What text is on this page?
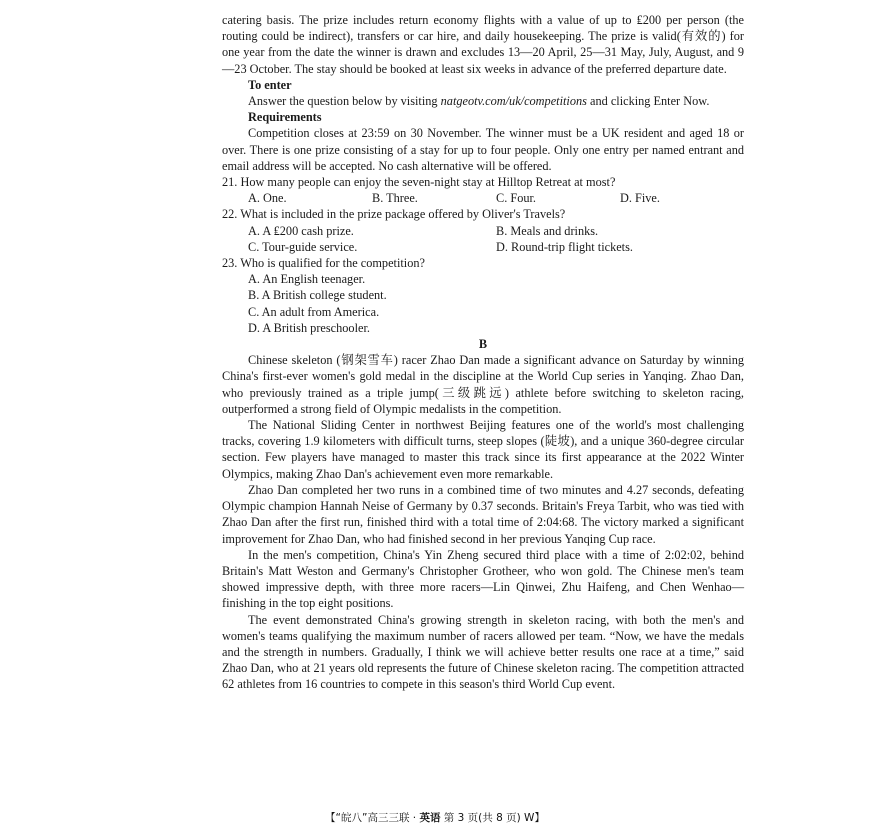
catering basis. The prize includes return economy flights with a value of up to ₤200 per person (the routing could be indirect), transfers or car hire, and daily housekeeping. The prize is valid(有效的) for one year from the date the winner is drawn and excludes 13—20 April, 25—31 May, July, August, and 9—23 October. The stay should be booked at least six weeks in advance of the preferred departure date.

To enter

Answer the question below by visiting natgeotv.com/uk/competitions and clicking Enter Now.

Requirements

Competition closes at 23:59 on 30 November. The winner must be a UK resident and aged 18 or over. There is one prize consisting of a stay for up to four people. Only one entry per named entrant and email address will be accepted. No cash alternative will be offered.

21. How many people can enjoy the seven-night stay at Hilltop Retreat at most?

A. One.	B. Three.	C. Four.	D. Five.

22. What is included in the prize package offered by Oliver's Travels?

A. A ₤200 cash prize.	B. Meals and drinks.
C. Tour-guide service.	D. Round-trip flight tickets.

23. Who is qualified for the competition?

A. An English teenager.

B. A British college student.

C. An adult from America.

D. A British preschooler.

B

Chinese skeleton (钢架雪车) racer Zhao Dan made a significant advance on Saturday by winning China's first-ever women's gold medal in the discipline at the World Cup series in Yanqing. Zhao Dan, who previously trained as a triple jump(三级跳远) athlete before switching to skeleton racing, outperformed a strong field of Olympic medalists in the competition.

The National Sliding Center in northwest Beijing features one of the world's most challenging tracks, covering 1.9 kilometers with difficult turns, steep slopes (陡坡), and a unique 360-degree circular section. Few players have managed to master this track since its first appearance at the 2022 Winter Olympics, making Zhao Dan's achievement even more remarkable.

Zhao Dan completed her two runs in a combined time of two minutes and 4.27 seconds, defeating Olympic champion Hannah Neise of Germany by 0.37 seconds. Britain's Freya Tarbit, who was tied with Zhao Dan after the first run, finished third with a total time of 2:04:68. The victory marked a significant improvement for Zhao Dan, who had finished second in her previous Yanqing Cup race.

In the men's competition, China's Yin Zheng secured third place with a time of 2:02:02, behind Britain's Matt Weston and Germany's Christopher Grotheer, who won gold. The Chinese men's team showed impressive depth, with three more racers—Lin Qinwei, Zhu Haifeng, and Chen Wenhao—finishing in the top eight positions.

The event demonstrated China's growing strength in skeleton racing, with both the men's and women's teams qualifying the maximum number of racers allowed per team. “Now, we have the medals and the strength in numbers. Gradually, I think we will achieve better results one race at a time,” said Zhao Dan, who at 21 years old represents the future of Chinese skeleton racing. The competition attracted 62 athletes from 16 countries to compete in this season's third World Cup event.

【“皖八”高三三联 · 英语 第 3 页(共 8 页) W】
